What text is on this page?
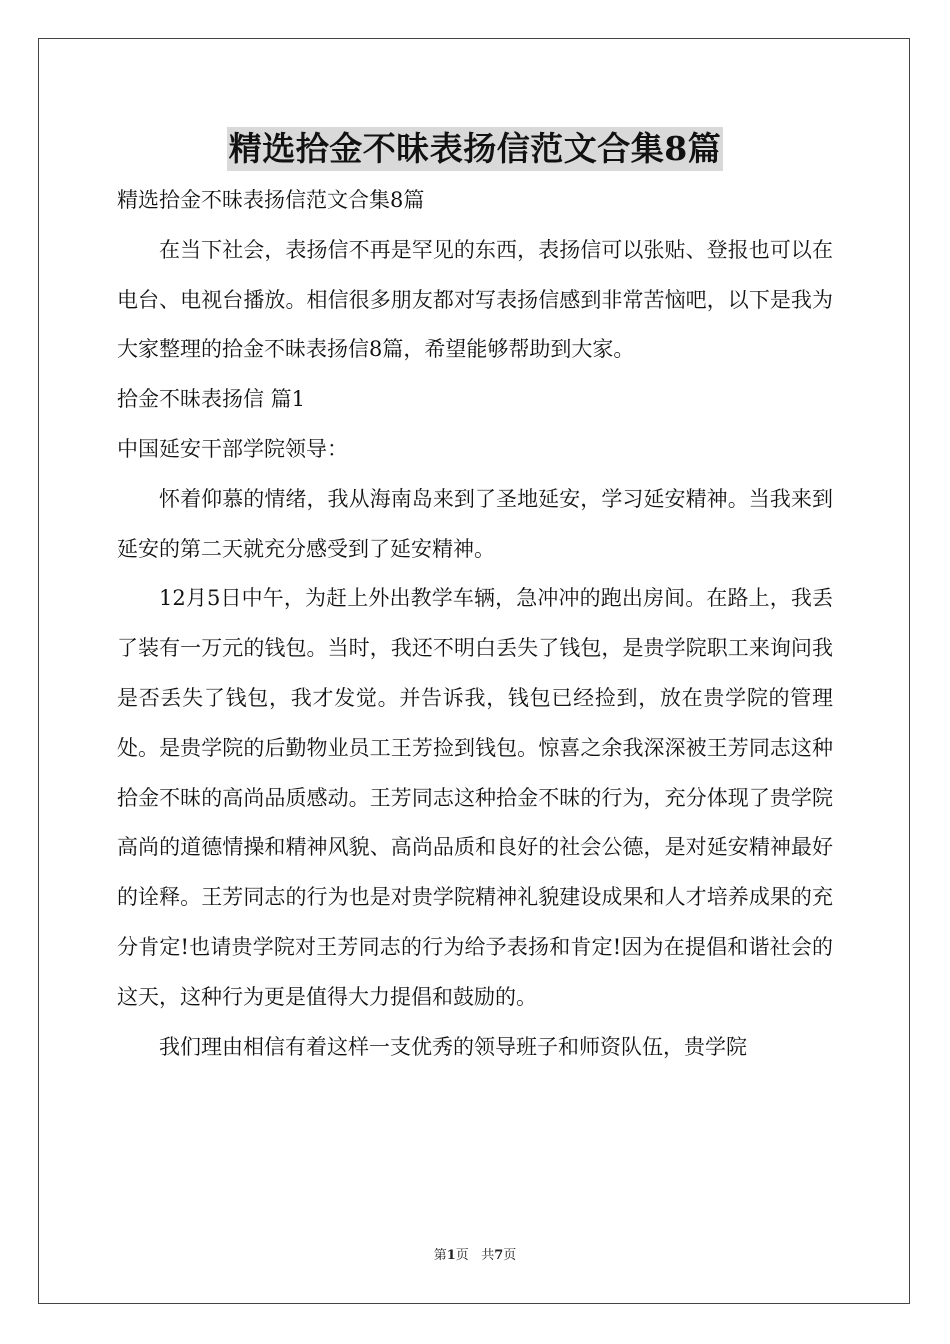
精选拾金不昧表扬信范文合集8篇

精选拾金不昧表扬信范文合集8篇

在当下社会，表扬信不再是罕见的东西，表扬信可以张贴、登报也可以在电台、电视台播放。相信很多朋友都对写表扬信感到非常苦恼吧，以下是我为大家整理的拾金不昧表扬信8篇，希望能够帮助到大家。

拾金不昧表扬信 篇1

中国延安干部学院领导：

怀着仰慕的情绪，我从海南岛来到了圣地延安，学习延安精神。当我来到延安的第二天就充分感受到了延安精神。

12月5日中午，为赶上外出教学车辆，急冲冲的跑出房间。在路上，我丢了装有一万元的钱包。当时，我还不明白丢失了钱包，是贵学院职工来询问我是否丢失了钱包，我才发觉。并告诉我，钱包已经捡到，放在贵学院的管理处。是贵学院的后勤物业员工王芳捡到钱包。惊喜之余我深深被王芳同志这种拾金不昧的高尚品质感动。王芳同志这种拾金不昧的行为，充分体现了贵学院高尚的道德情操和精神风貌、高尚品质和良好的社会公德，是对延安精神最好的诠释。王芳同志的行为也是对贵学院精神礼貌建设成果和人才培养成果的充分肯定!也请贵学院对王芳同志的行为给予表扬和肯定!因为在提倡和谐社会的这天，这种行为更是值得大力提倡和鼓励的。

我们理由相信有着这样一支优秀的领导班子和师资队伍，贵学院

第1页 共7页
